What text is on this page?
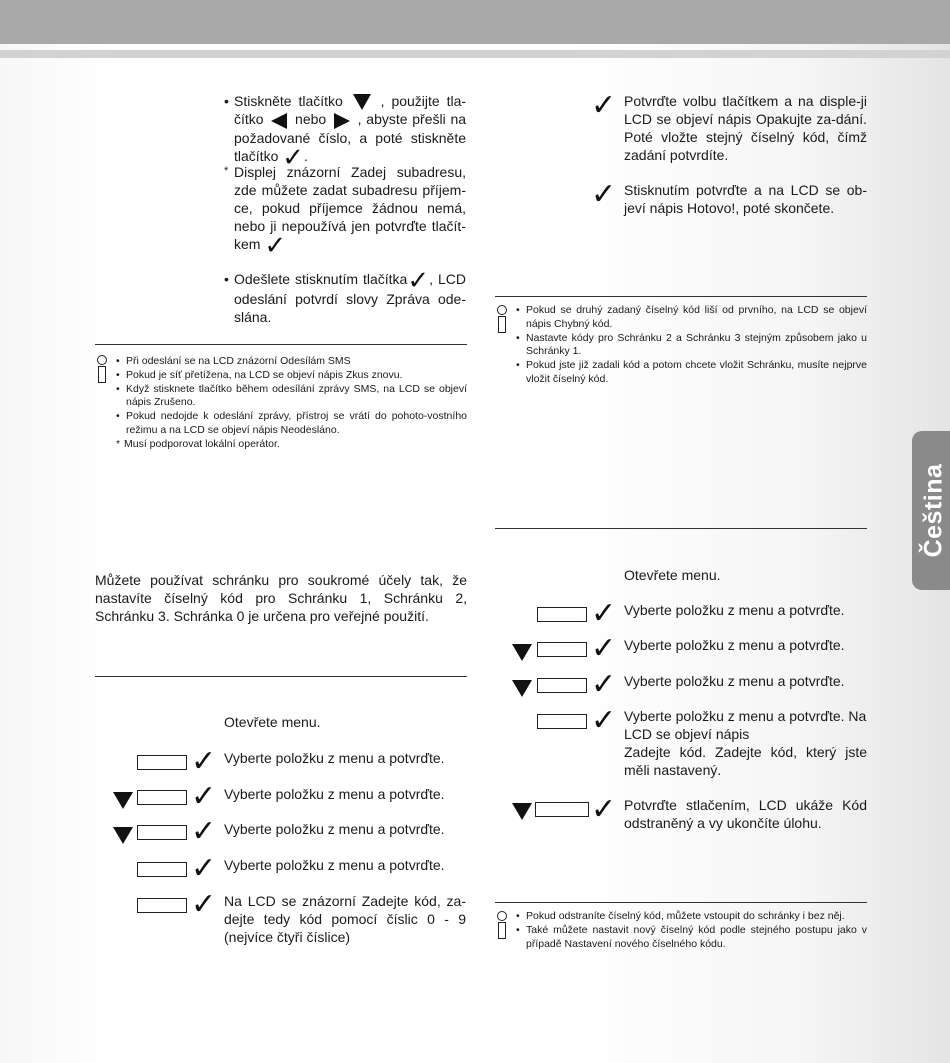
• Stiskněte tlačítko	, použijte tla-čítko nebo , abyste přešli na požadované číslo, a poté stiskněte tlačítko ✓.
* Displej znázorní Zadej subadresu, zde můžete zadat subadresu příjem-ce, pokud příjemce žádnou nemá, nebo ji nepoužívá jen potvrďte tlačít-kem ✓
• Odešlete stisknutím tlačítka✓, LCD odeslání potvrdí slovy Zpráva ode-slána.
• Při odeslání se na LCD znázorní Odesílám SMS
• Pokud je síť přetížena, na LCD se objeví nápis Zkus znovu.
• Když stisknete tlačítko během odesílání zprávy SMS, na LCD se objeví nápis Zrušeno.
• Pokud nedojde k odeslání zprávy, přístroj se vrátí do pohoto-vostního režimu a na LCD se objeví nápis Neodesláno.
* Musí podporovat lokální operátor.
Můžete používat schránku pro soukromé účely tak, že nastavíte číselný kód pro Schránku 1, Schránku 2, Schránku 3. Schránka 0 je určena pro veřejné použití.
Otevřete menu.
✓ Vyberte položku z menu a potvrďte.
✓ Vyberte položku z menu a potvrďte.
✓ Vyberte položku z menu a potvrďte.
✓ Vyberte položku z menu a potvrďte.
✓ Na LCD se znázorní Zadejte kód, za-dejte tedy kód pomocí číslic 0 - 9 (nejvíce čtyři číslice)
✓ Potvrďte volbu tlačítkem a na disple-ji LCD se objeví nápis Opakujte za-dání. Poté vložte stejný číselný kód, čímž zadání potvrdíte.
✓ Stisknutím potvrďte a na LCD se ob-jeví nápis Hotovo!, poté skončete.
• Pokud se druhý zadaný číselný kód liší od prvního, na LCD se objeví nápis Chybný kód.
• Nastavte kódy pro Schránku 2 a Schránku 3 stejným způsobem jako u Schránky 1.
• Pokud jste již zadali kód a potom chcete vložit Schránku, musíte nejprve vložit číselný kód.
Otevřete menu.
✓ Vyberte položku z menu a potvrďte.
✓ Vyberte položku z menu a potvrďte.
✓ Vyberte položku z menu a potvrďte.
✓ Vyberte položku z menu a potvrďte. Na LCD se objeví nápis
Zadejte kód. Zadejte kód, který jste měli nastavený.
✓ Potvrďte stlačením, LCD ukáže Kód odstraněný a vy ukončíte úlohu.
• Pokud odstraníte číselný kód, můžete vstoupit do schránky i bez něj.
• Také můžete nastavit nový číselný kód podle stejného postupu jako v případě Nastavení nového číselného kódu.
Čeština
